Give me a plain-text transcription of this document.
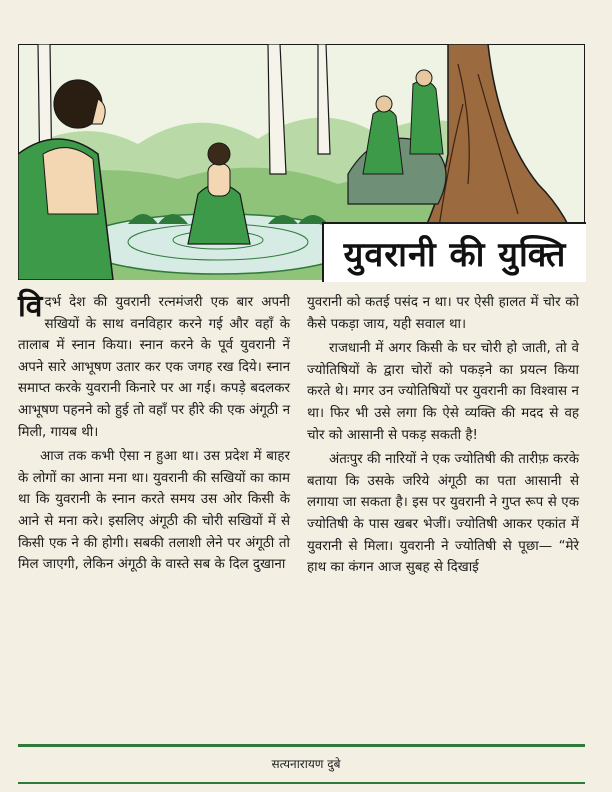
युवरानी की युक्ति

विदर्भ देश की युवरानी रत्नमंजरी एक बार अपनी सखियों के साथ वनविहार करने गई और वहाँ के तालाब में स्नान किया। स्नान करने के पूर्व युवरानी नें अपने सारे आभूषण उतार कर एक जगह रख दिये। स्नान समाप्त करके युवरानी किनारे पर आ गई। कपड़े बदलकर आभूषण पहनने को हुई तो वहाँ पर हीरे की एक अंगूठी न मिली, गायब थी।

आज तक कभी ऐसा न हुआ था। उस प्रदेश में बाहर के लोगों का आना मना था। युवरानी की सखियों का काम था कि युवरानी के स्नान करते समय उस ओर किसी के आने से मना करे। इसलिए अंगूठी की चोरी सखियों में से किसी एक ने की होगी। सबकी तलाशी लेने पर अंगूठी तो मिल जाएगी, लेकिन अंगूठी के वास्ते सब के दिल दुखाना

युवरानी को कतई पसंद न था। पर ऐसी हालत में चोर को कैसे पकड़ा जाय, यही सवाल था।

राजधानी में अगर किसी के घर चोरी हो जाती, तो वे ज्योतिषियों के द्वारा चोरों को पकड़ने का प्रयत्न किया करते थे। मगर उन ज्योतिषियों पर युवरानी का विश्वास न था। फिर भी उसे लगा कि ऐसे व्यक्ति की मदद से वह चोर को आसानी से पकड़ सकती है!

अंतःपुर की नारियों ने एक ज्योतिषी की तारीफ़ करके बताया कि उसके जरिये अंगूठी का पता आसानी से लगाया जा सकता है। इस पर युवरानी ने गुप्त रूप से एक ज्योतिषी के पास खबर भेजीं। ज्योतिषी आकर एकांत में युवरानी से मिला। युवरानी ने ज्योतिषी से पूछा— “मेरे हाथ का कंगन आज सुबह से दिखाई

सत्यनारायण दुबे
